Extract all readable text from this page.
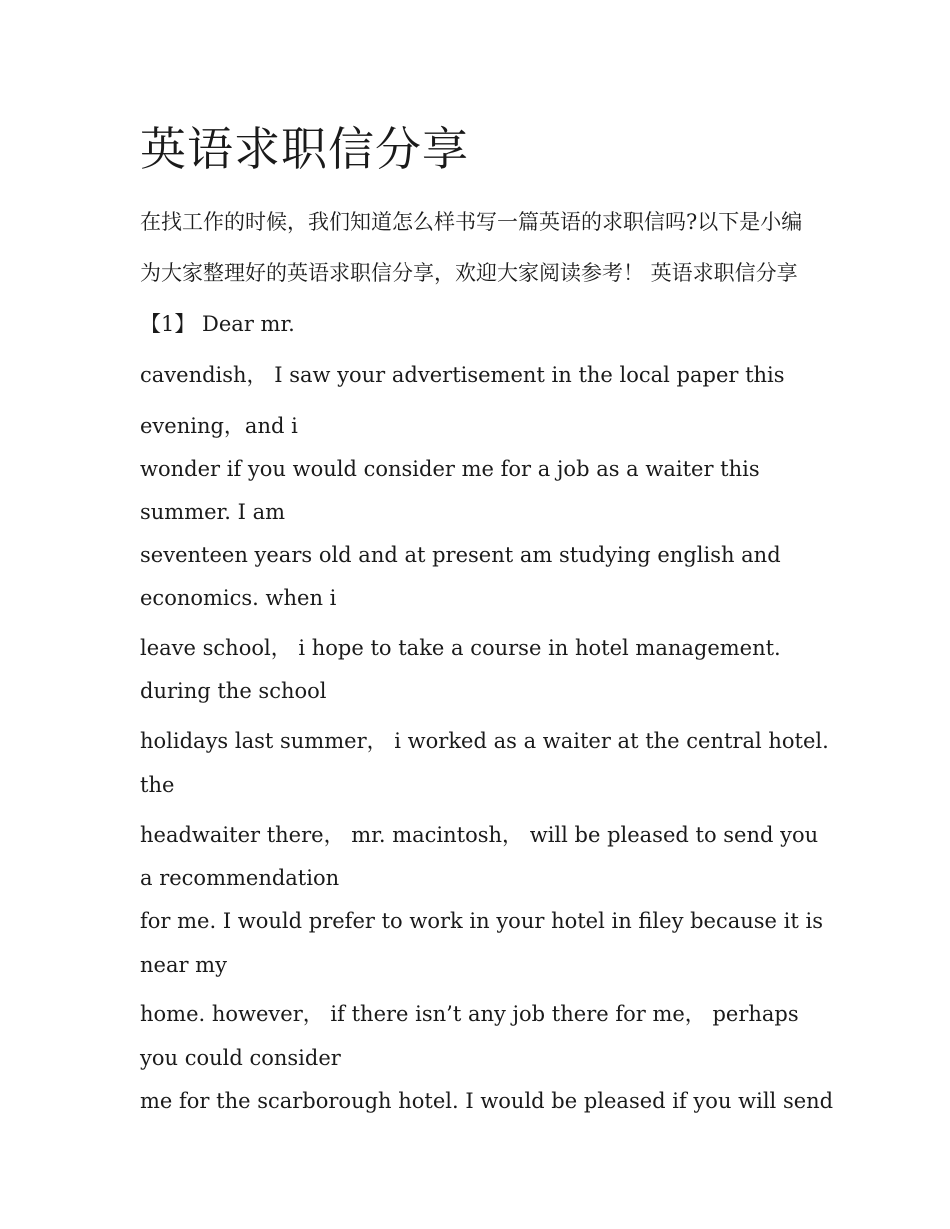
英语求职信分享

在找工作的时候，我们知道怎么样书写一篇英语的求职信吗?以下是小编为大家整理好的英语求职信分享，欢迎大家阅读参考！ 英语求职信分享【1】 Dear mr.

cavendish， I saw your advertisement in the local paper this

evening，and i

wonder if you would consider me for a job as a waiter this

summer. I am

seventeen years old and at present am studying english and

economics. when i

leave school， i hope to take a course in hotel management.

during the school

holidays last summer， i worked as a waiter at the central hotel.

the

headwaiter there， mr. macintosh， will be pleased to send you

a recommendation

for me. I would prefer to work in your hotel in filey because it is

near my

home. however， if there isn’t any job there for me， perhaps

you could consider

me for the scarborough hotel. I would be pleased if you will send
